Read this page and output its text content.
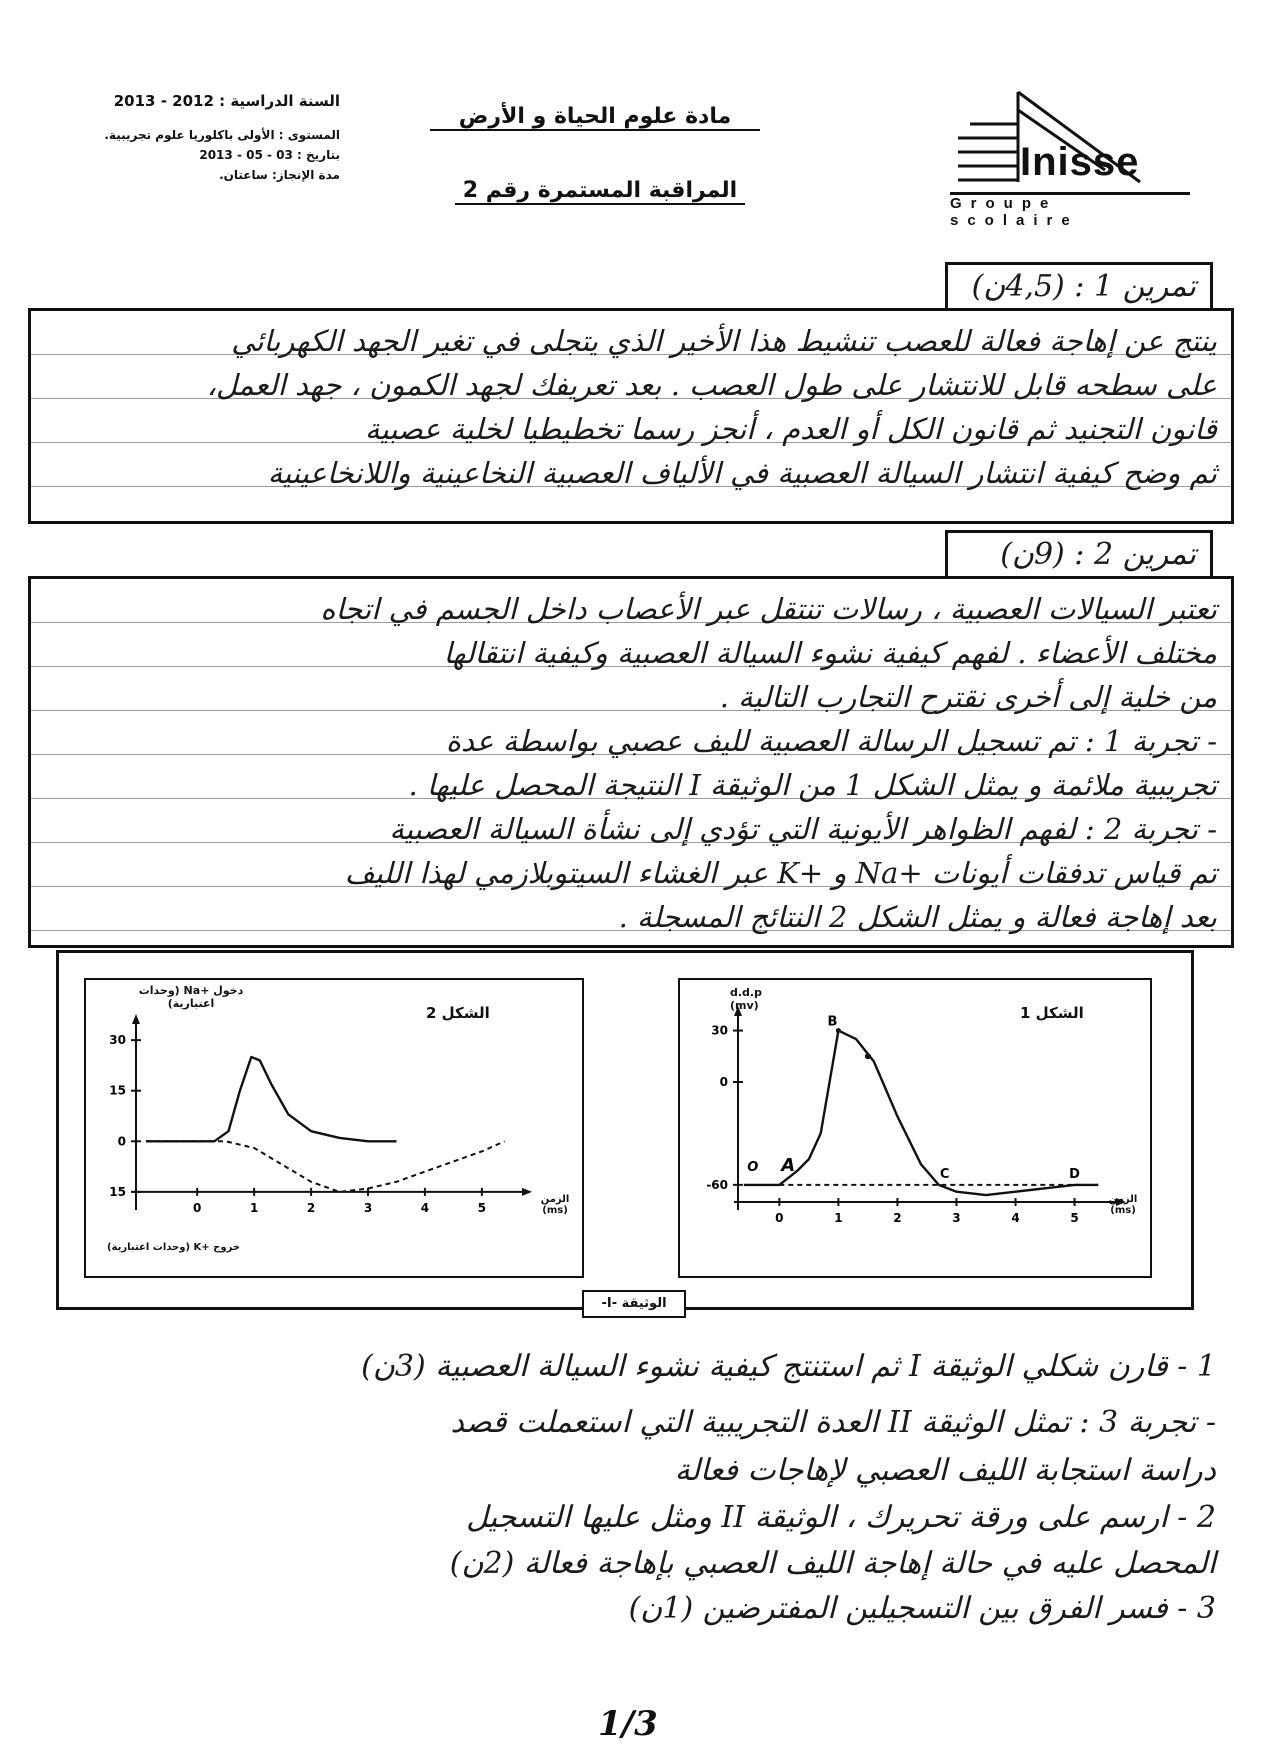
السنة الدراسية : 2012 - 2013
المستوى : الأولى باكلوريا علوم تجريبية.
بتاريخ : 03 - 05 - 2013
مدة الإنجاز: ساعتان.
مادة علوم الحياة و الأرض
المراقبة المستمرة رقم 2
Inisse
Groupe scolaire
تمرين 1 : (4,5ن)
ينتج عن إهاجة فعالة للعصب تنشيط هذا الأخير الذي يتجلى في تغير الجهد الكهربائي
على سطحه قابل للانتشار على طول العصب . بعد تعريفك لجهد الكمون ، جهد العمل،
قانون التجنيد ثم قانون الكل أو العدم ، أنجز رسما تخطيطيا لخلية عصبية
ثم وضح كيفية انتشار السيالة العصبية في الألياف العصبية النخاعينية واللانخاعينية
تمرين 2 : (9ن)
تعتبر السيالات العصبية ، رسالات تنتقل عبر الأعصاب داخل الجسم في اتجاه
مختلف الأعضاء . لفهم كيفية نشوء السيالة العصبية وكيفية انتقالها
من خلية إلى أخرى نقترح التجارب التالية .
- تجربة 1 : تم تسجيل الرسالة العصبية لليف عصبي بواسطة عدة
تجريبية ملائمة و يمثل الشكل 1 من الوثيقة I النتيجة المحصل عليها .
- تجربة 2 : لفهم الظواهر الأيونية التي تؤدي إلى نشأة السيالة العصبية
تم قياس تدفقات أيونات +Na و +K عبر الغشاء السيتوبلازمي لهذا الليف
بعد إهاجة فعالة و يمثل الشكل 2 النتائج المسجلة .
0	1	2	3	4	5
30
15
0
15
الشكل 2
دخول +Na (وحدات اعتبارية)
خروج +K (وحدات اعتبارية)
الزمن (ms)
0	1	2	3	4	5
30
0
-60
O A
B
C	D
الشكل 1
d.d.p (mv)
الزمن (ms)
الوثيقة -I-
1 - قارن شكلي الوثيقة I ثم استنتج كيفية نشوء السيالة العصبية (3ن)
- تجربة 3 : تمثل الوثيقة II العدة التجريبية التي استعملت قصد
دراسة استجابة الليف العصبي لإهاجات فعالة
2 - ارسم على ورقة تحريرك ، الوثيقة II ومثل عليها التسجيل
المحصل عليه في حالة إهاجة الليف العصبي بإهاجة فعالة (2ن)
3 - فسر الفرق بين التسجيلين المفترضين (1ن)
1/3
